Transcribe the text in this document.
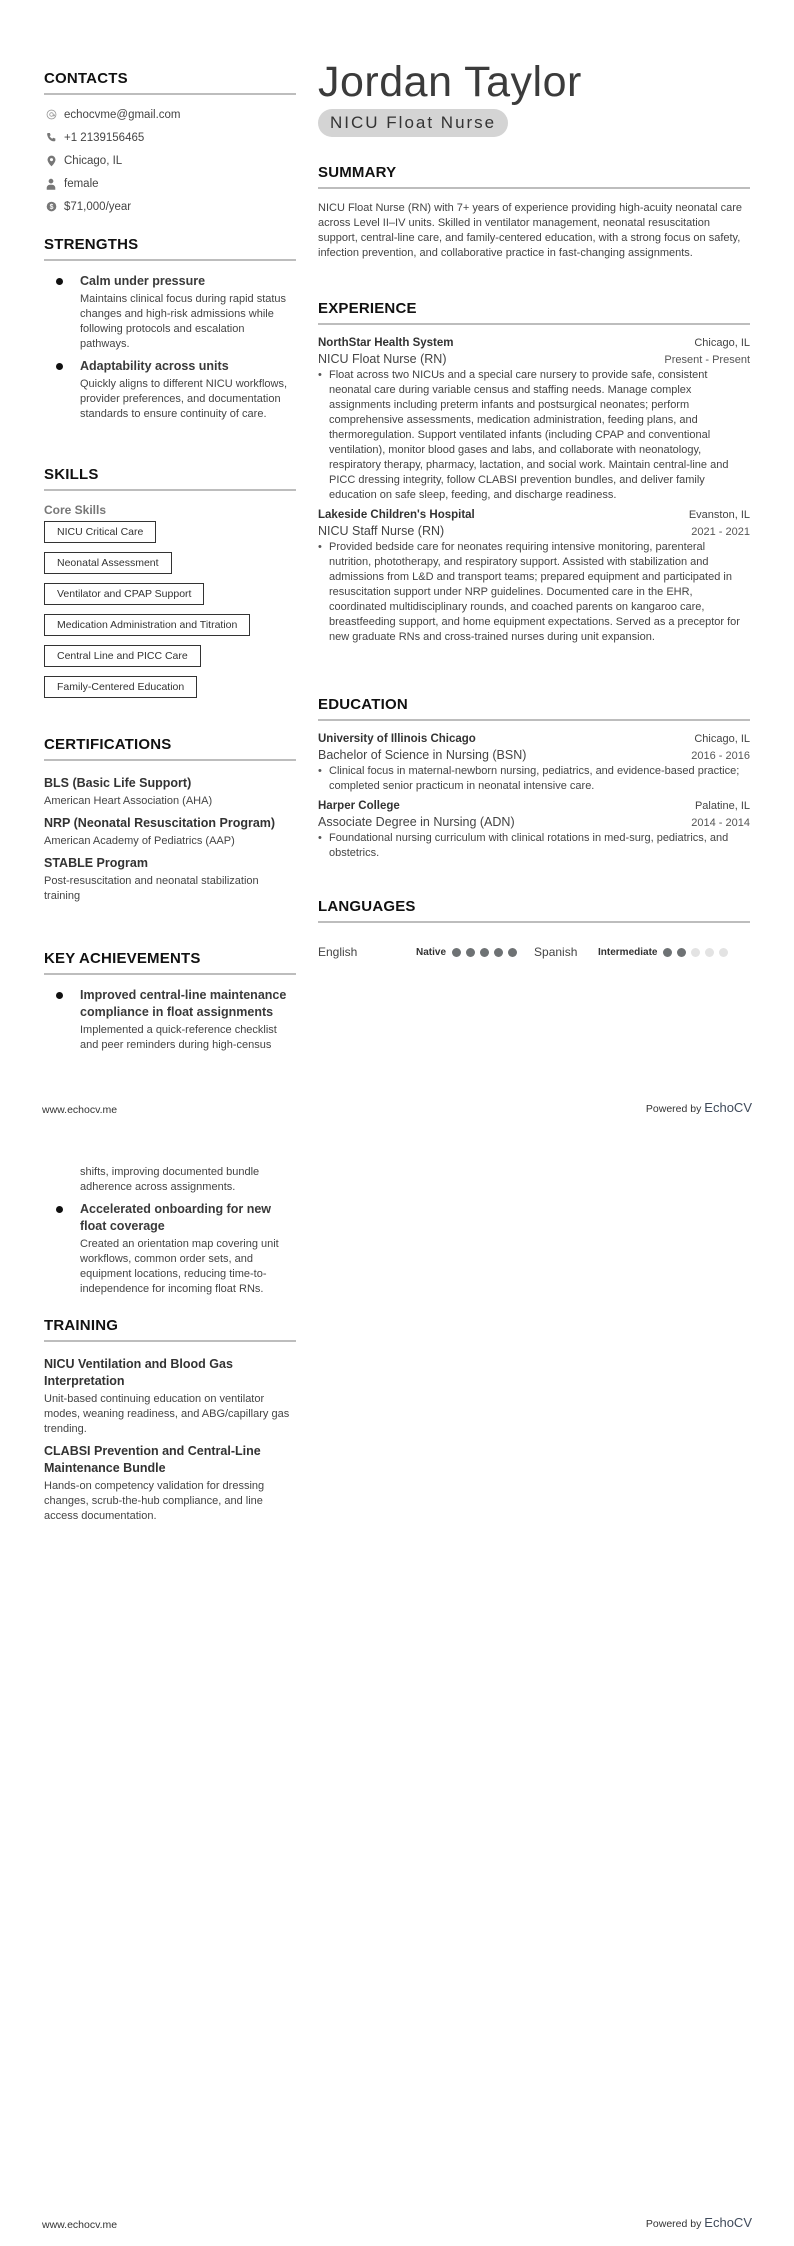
CONTACTS
echocvme@gmail.com
+1 2139156465
Chicago, IL
female
$ $71,000/year
STRENGTHS
Calm under pressure
Maintains clinical focus during rapid status changes and high-risk admissions while following protocols and escalation pathways.
Adaptability across units
Quickly aligns to different NICU workflows, provider preferences, and documentation standards to ensure continuity of care.
SKILLS
Core Skills
NICU Critical Care
Neonatal Assessment
Ventilator and CPAP Support
Medication Administration and Titration
Central Line and PICC Care
Family-Centered Education
CERTIFICATIONS
BLS (Basic Life Support)
American Heart Association (AHA)
NRP (Neonatal Resuscitation Program)
American Academy of Pediatrics (AAP)
STABLE Program
Post-resuscitation and neonatal stabilization training
KEY ACHIEVEMENTS
Improved central-line maintenance compliance in float assignments
Implemented a quick-reference checklist and peer reminders during high-census
Jordan Taylor
NICU Float Nurse
SUMMARY
NICU Float Nurse (RN) with 7+ years of experience providing high-acuity neonatal care across Level II–IV units. Skilled in ventilator management, neonatal resuscitation support, central-line care, and family-centered education, with a strong focus on safety, infection prevention, and collaborative practice in fast-changing assignments.
EXPERIENCE
NorthStar Health System	Chicago, IL
NICU Float Nurse (RN)	Present - Present
• Float across two NICUs and a special care nursery to provide safe, consistent neonatal care during variable census and staffing needs. Manage complex assignments including preterm infants and postsurgical neonates; perform comprehensive assessments, medication administration, feeding plans, and thermoregulation. Support ventilated infants (including CPAP and conventional ventilation), monitor blood gases and labs, and collaborate with neonatology, respiratory therapy, pharmacy, lactation, and social work. Maintain central-line and PICC dressing integrity, follow CLABSI prevention bundles, and deliver family education on safe sleep, feeding, and discharge readiness.
Lakeside Children's Hospital	Evanston, IL
NICU Staff Nurse (RN)	2021 - 2021
• Provided bedside care for neonates requiring intensive monitoring, parenteral nutrition, phototherapy, and respiratory support. Assisted with stabilization and admissions from L&D and transport teams; prepared equipment and participated in resuscitation support under NRP guidelines. Documented care in the EHR, coordinated multidisciplinary rounds, and coached parents on kangaroo care, breastfeeding support, and home equipment expectations. Served as a preceptor for new graduate RNs and cross-trained nurses during unit expansion.
EDUCATION
University of Illinois Chicago	Chicago, IL
Bachelor of Science in Nursing (BSN)	2016 - 2016
• Clinical focus in maternal-newborn nursing, pediatrics, and evidence-based practice; completed senior practicum in neonatal intensive care.
Harper College	Palatine, IL
Associate Degree in Nursing (ADN)	2014 - 2014
• Foundational nursing curriculum with clinical rotations in med-surg, pediatrics, and obstetrics.
LANGUAGES
English	Native	Spanish	Intermediate
www.echocv.me	Powered by EchoCV
shifts, improving documented bundle adherence across assignments.
Accelerated onboarding for new float coverage
Created an orientation map covering unit workflows, common order sets, and equipment locations, reducing time-to-independence for incoming float RNs.
TRAINING
NICU Ventilation and Blood Gas Interpretation
Unit-based continuing education on ventilator modes, weaning readiness, and ABG/capillary gas trending.
CLABSI Prevention and Central-Line Maintenance Bundle
Hands-on competency validation for dressing changes, scrub-the-hub compliance, and line access documentation.
www.echocv.me	Powered by EchoCV
